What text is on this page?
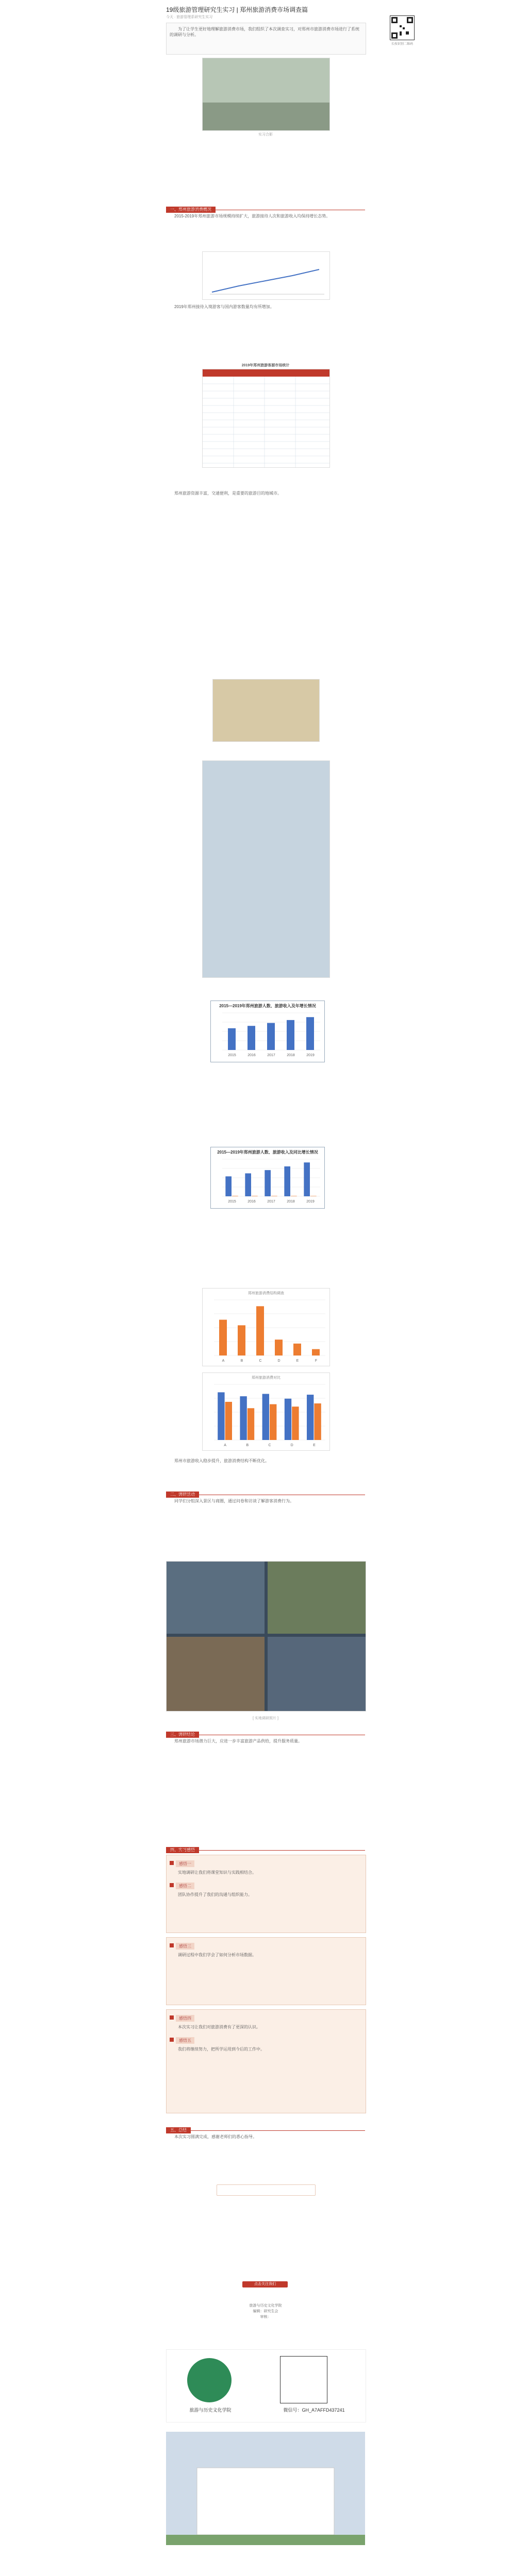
19级旅游管理研究生实习 | 郑州旅游消费市场调查篇
今天 · 旅游管理系研究生实习
长按识别二维码

为了让学生更好地理解旅游消费市场，我们组织了本次调查实习，对郑州市旅游消费市场进行了系统的调研与分析。

实习合影

2015-2019年郑州旅游市场规模持续扩大，旅游接待人次和旅游收入均保持增长态势。

2019年郑州接待入境游客与国内游客数量均有所增加。

2019年郑州旅游客源市场统计

郑州旅游资源丰富，交通便利，是重要的旅游目的地城市。

2015—2019年郑州旅游人数、旅游收入及年增长情况
2015	2016	2017	2018	2019
2015—2019年郑州旅游人数、旅游收入及同比增长情况
2015	2016	2017	2018	2019
郑州旅游消费结构调查
A	B	C	D	E	F
郑州旅游消费对比
A	B	C	D	E

郑州市旅游收入稳步提升，旅游消费结构不断优化。

同学们分组深入景区与商圈，通过问卷和访谈了解游客消费行为。

[ 实地调研照片 ]

郑州旅游市场潜力巨大，应进一步丰富旅游产品供给，提升服务质量。

感悟一

实地调研让我们将课堂知识与实践相结合。

感悟二

团队协作提升了我们的沟通与组织能力。

感悟三

调研过程中我们学会了如何分析市场数据。

感悟四

本次实习让我们对旅游消费有了更深的认识。

感悟五

我们将继续努力，把所学运用到今后的工作中。

本次实习圆满完成，感谢老师们的悉心指导。

点击关注我们
旅游与历史文化学院
编辑：研究生会
审核：
旅游与历史文化学院	微信号：GH_A7AFFD437241
